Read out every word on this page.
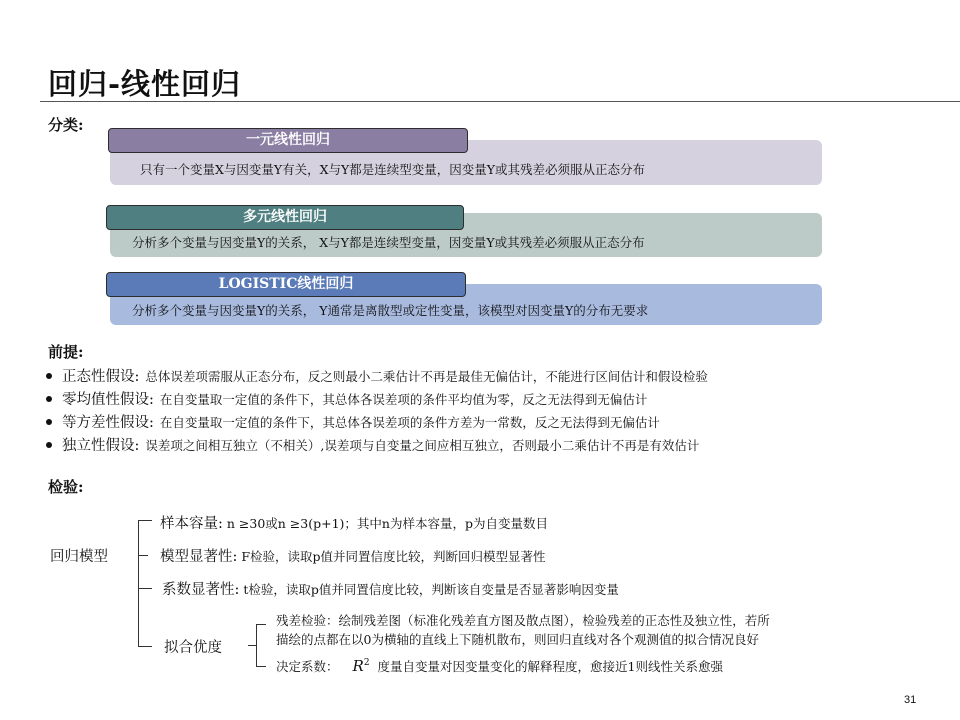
回归-线性回归
分类:
只有一个变量X与因变量Y有关，X与Y都是连续型变量，因变量Y或其残差必须服从正态分布
一元线性回归
分析多个变量与因变量Y的关系， X与Y都是连续型变量，因变量Y或其残差必须服从正态分布
多元线性回归
分析多个变量与因变量Y的关系， Y通常是离散型或定性变量，该模型对因变量Y的分布无要求
LOGISTIC线性回归
前提:
正态性假设: 总体误差项需服从正态分布，反之则最小二乘估计不再是最佳无偏估计，不能进行区间估计和假设检验
零均值性假设: 在自变量取一定值的条件下，其总体各误差项的条件平均值为零，反之无法得到无偏估计
等方差性假设: 在自变量取一定值的条件下，其总体各误差项的条件方差为一常数，反之无法得到无偏估计
独立性假设: 误差项之间相互独立（不相关）,误差项与自变量之间应相互独立，否则最小二乘估计不再是有效估计
检验:
回归模型
样本容量: n ≥30或n ≥3(p+1)；其中n为样本容量，p为自变量数目
模型显著性: F检验，读取p值并同置信度比较，判断回归模型显著性
系数显著性: t检验，读取p值并同置信度比较，判断该自变量是否显著影响因变量
拟合优度
残差检验：绘制残差图（标准化残差直方图及散点图），检验残差的正态性及独立性，若所
描绘的点都在以0为横轴的直线上下随机散布，则回归直线对各个观测值的拟合情况良好
决定系数： $R^2$ 度量自变量对因变量变化的解释程度，愈接近1则线性关系愈强
31
